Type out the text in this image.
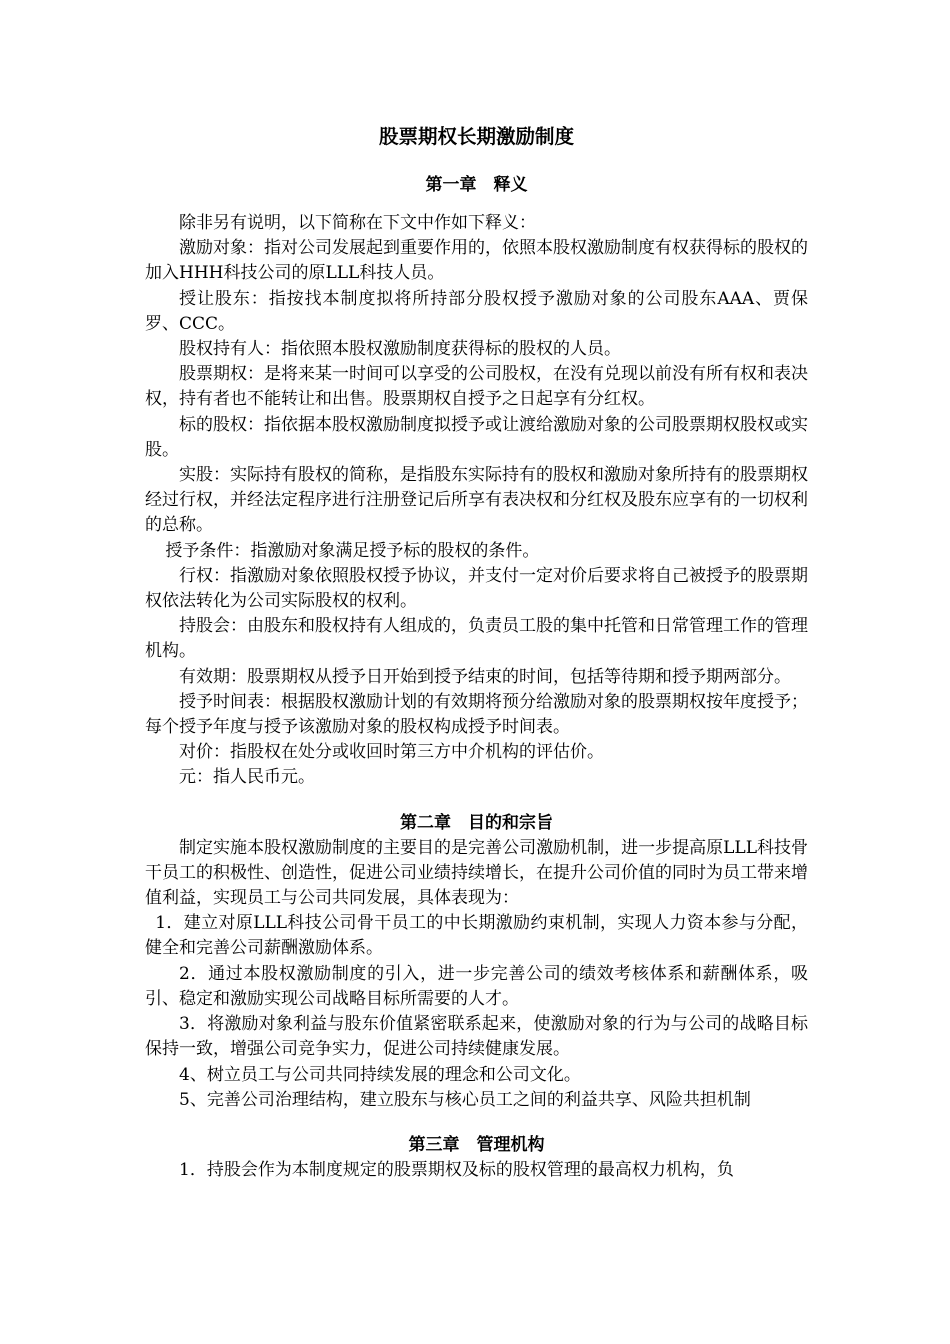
股票期权长期激励制度
第一章　释义

除非另有说明，以下简称在下文中作如下释义：

激励对象：指对公司发展起到重要作用的，依照本股权激励制度有权获得标的股权的加入HHH科技公司的原LLL科技人员。

授让股东：指按找本制度拟将所持部分股权授予激励对象的公司股东AAA、贾保罗、CCC。

股权持有人：指依照本股权激励制度获得标的股权的人员。

股票期权：是将来某一时间可以享受的公司股权，在没有兑现以前没有所有权和表决权，持有者也不能转让和出售。股票期权自授予之日起享有分红权。

标的股权：指依据本股权激励制度拟授予或让渡给激励对象的公司股票期权股权或实股。

实股：实际持有股权的简称，是指股东实际持有的股权和激励对象所持有的股票期权经过行权，并经法定程序进行注册登记后所享有表决权和分红权及股东应享有的一切权利的总称。

授予条件：指激励对象满足授予标的股权的条件。

行权：指激励对象依照股权授予协议，并支付一定对价后要求将自己被授予的股票期权依法转化为公司实际股权的权利。

持股会：由股东和股权持有人组成的，负责员工股的集中托管和日常管理工作的管理机构。

有效期：股票期权从授予日开始到授予结束的时间，包括等待期和授予期两部分。

授予时间表：根据股权激励计划的有效期将预分给激励对象的股票期权按年度授予；每个授予年度与授予该激励对象的股权构成授予时间表。

对价：指股权在处分或收回时第三方中介机构的评估价。

元：指人民币元。

第二章　目的和宗旨

制定实施本股权激励制度的主要目的是完善公司激励机制，进一步提高原LLL科技骨干员工的积极性、创造性，促进公司业绩持续增长，在提升公司价值的同时为员工带来增值利益，实现员工与公司共同发展，具体表现为：

1．建立对原LLL科技公司骨干员工的中长期激励约束机制，实现人力资本参与分配，健全和完善公司薪酬激励体系。

2．通过本股权激励制度的引入，进一步完善公司的绩效考核体系和薪酬体系，吸引、稳定和激励实现公司战略目标所需要的人才。

3．将激励对象利益与股东价值紧密联系起来，使激励对象的行为与公司的战略目标保持一致，增强公司竞争实力，促进公司持续健康发展。

4、树立员工与公司共同持续发展的理念和公司文化。

5、完善公司治理结构，建立股东与核心员工之间的利益共享、风险共担机制

第三章　管理机构

1．持股会作为本制度规定的股票期权及标的股权管理的最高权力机构，负
